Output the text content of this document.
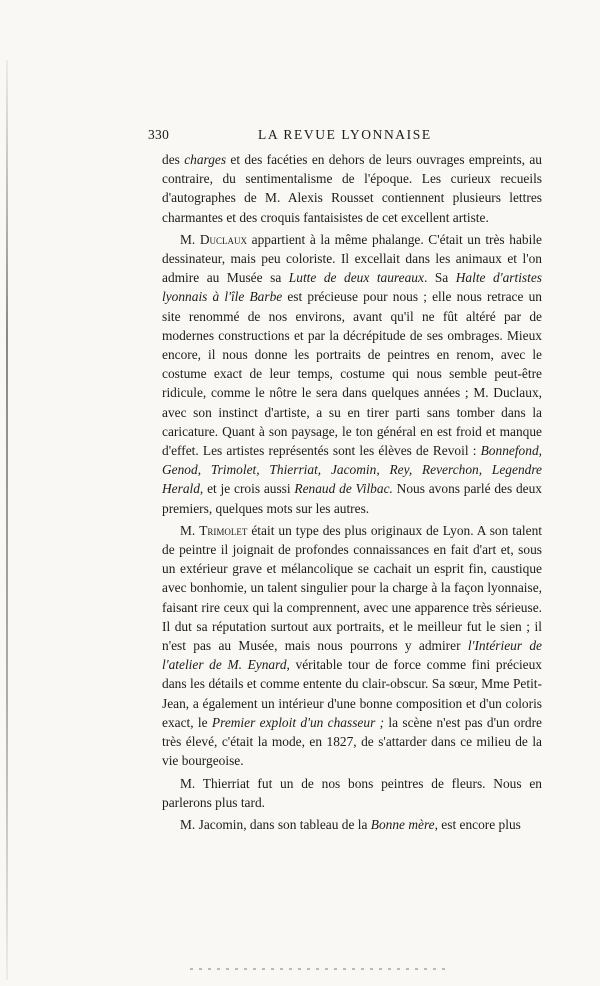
330	LA REVUE LYONNAISE

des charges et des facéties en dehors de leurs ouvrages empreints, au contraire, du sentimentalisme de l'époque. Les curieux recueils d'autographes de M. Alexis Rousset contiennent plusieurs lettres charmantes et des croquis fantaisistes de cet excellent artiste.

M. Duclaux appartient à la même phalange. C'était un très habile dessinateur, mais peu coloriste. Il excellait dans les animaux et l'on admire au Musée sa Lutte de deux taureaux. Sa Halte d'artistes lyonnais à l'île Barbe est précieuse pour nous ; elle nous retrace un site renommé de nos environs, avant qu'il ne fût altéré par de modernes constructions et par la décrépitude de ses ombrages. Mieux encore, il nous donne les portraits de peintres en renom, avec le costume exact de leur temps, costume qui nous semble peut-être ridicule, comme le nôtre le sera dans quelques années ; M. Duclaux, avec son instinct d'artiste, a su en tirer parti sans tomber dans la caricature. Quant à son paysage, le ton général en est froid et manque d'effet. Les artistes représentés sont les élèves de Revoil : Bonnefond, Genod, Trimolet, Thierriat, Jacomin, Rey, Reverchon, Legendre Herald, et je crois aussi Renaud de Vilbac. Nous avons parlé des deux premiers, quelques mots sur les autres.

M. Trimolet était un type des plus originaux de Lyon. A son talent de peintre il joignait de profondes connaissances en fait d'art et, sous un extérieur grave et mélancolique se cachait un esprit fin, caustique avec bonhomie, un talent singulier pour la charge à la façon lyonnaise, faisant rire ceux qui la comprennent, avec une apparence très sérieuse. Il dut sa réputation surtout aux portraits, et le meilleur fut le sien ; il n'est pas au Musée, mais nous pourrons y admirer l'Intérieur de l'atelier de M. Eynard, véritable tour de force comme fini précieux dans les détails et comme entente du clair-obscur. Sa sœur, Mme Petit-Jean, a également un intérieur d'une bonne composition et d'un coloris exact, le Premier exploit d'un chasseur ; la scène n'est pas d'un ordre très élevé, c'était la mode, en 1827, de s'attarder dans ce milieu de la vie bourgeoise.

M. Thierriat fut un de nos bons peintres de fleurs. Nous en parlerons plus tard.

M. Jacomin, dans son tableau de la Bonne mère, est encore plus
